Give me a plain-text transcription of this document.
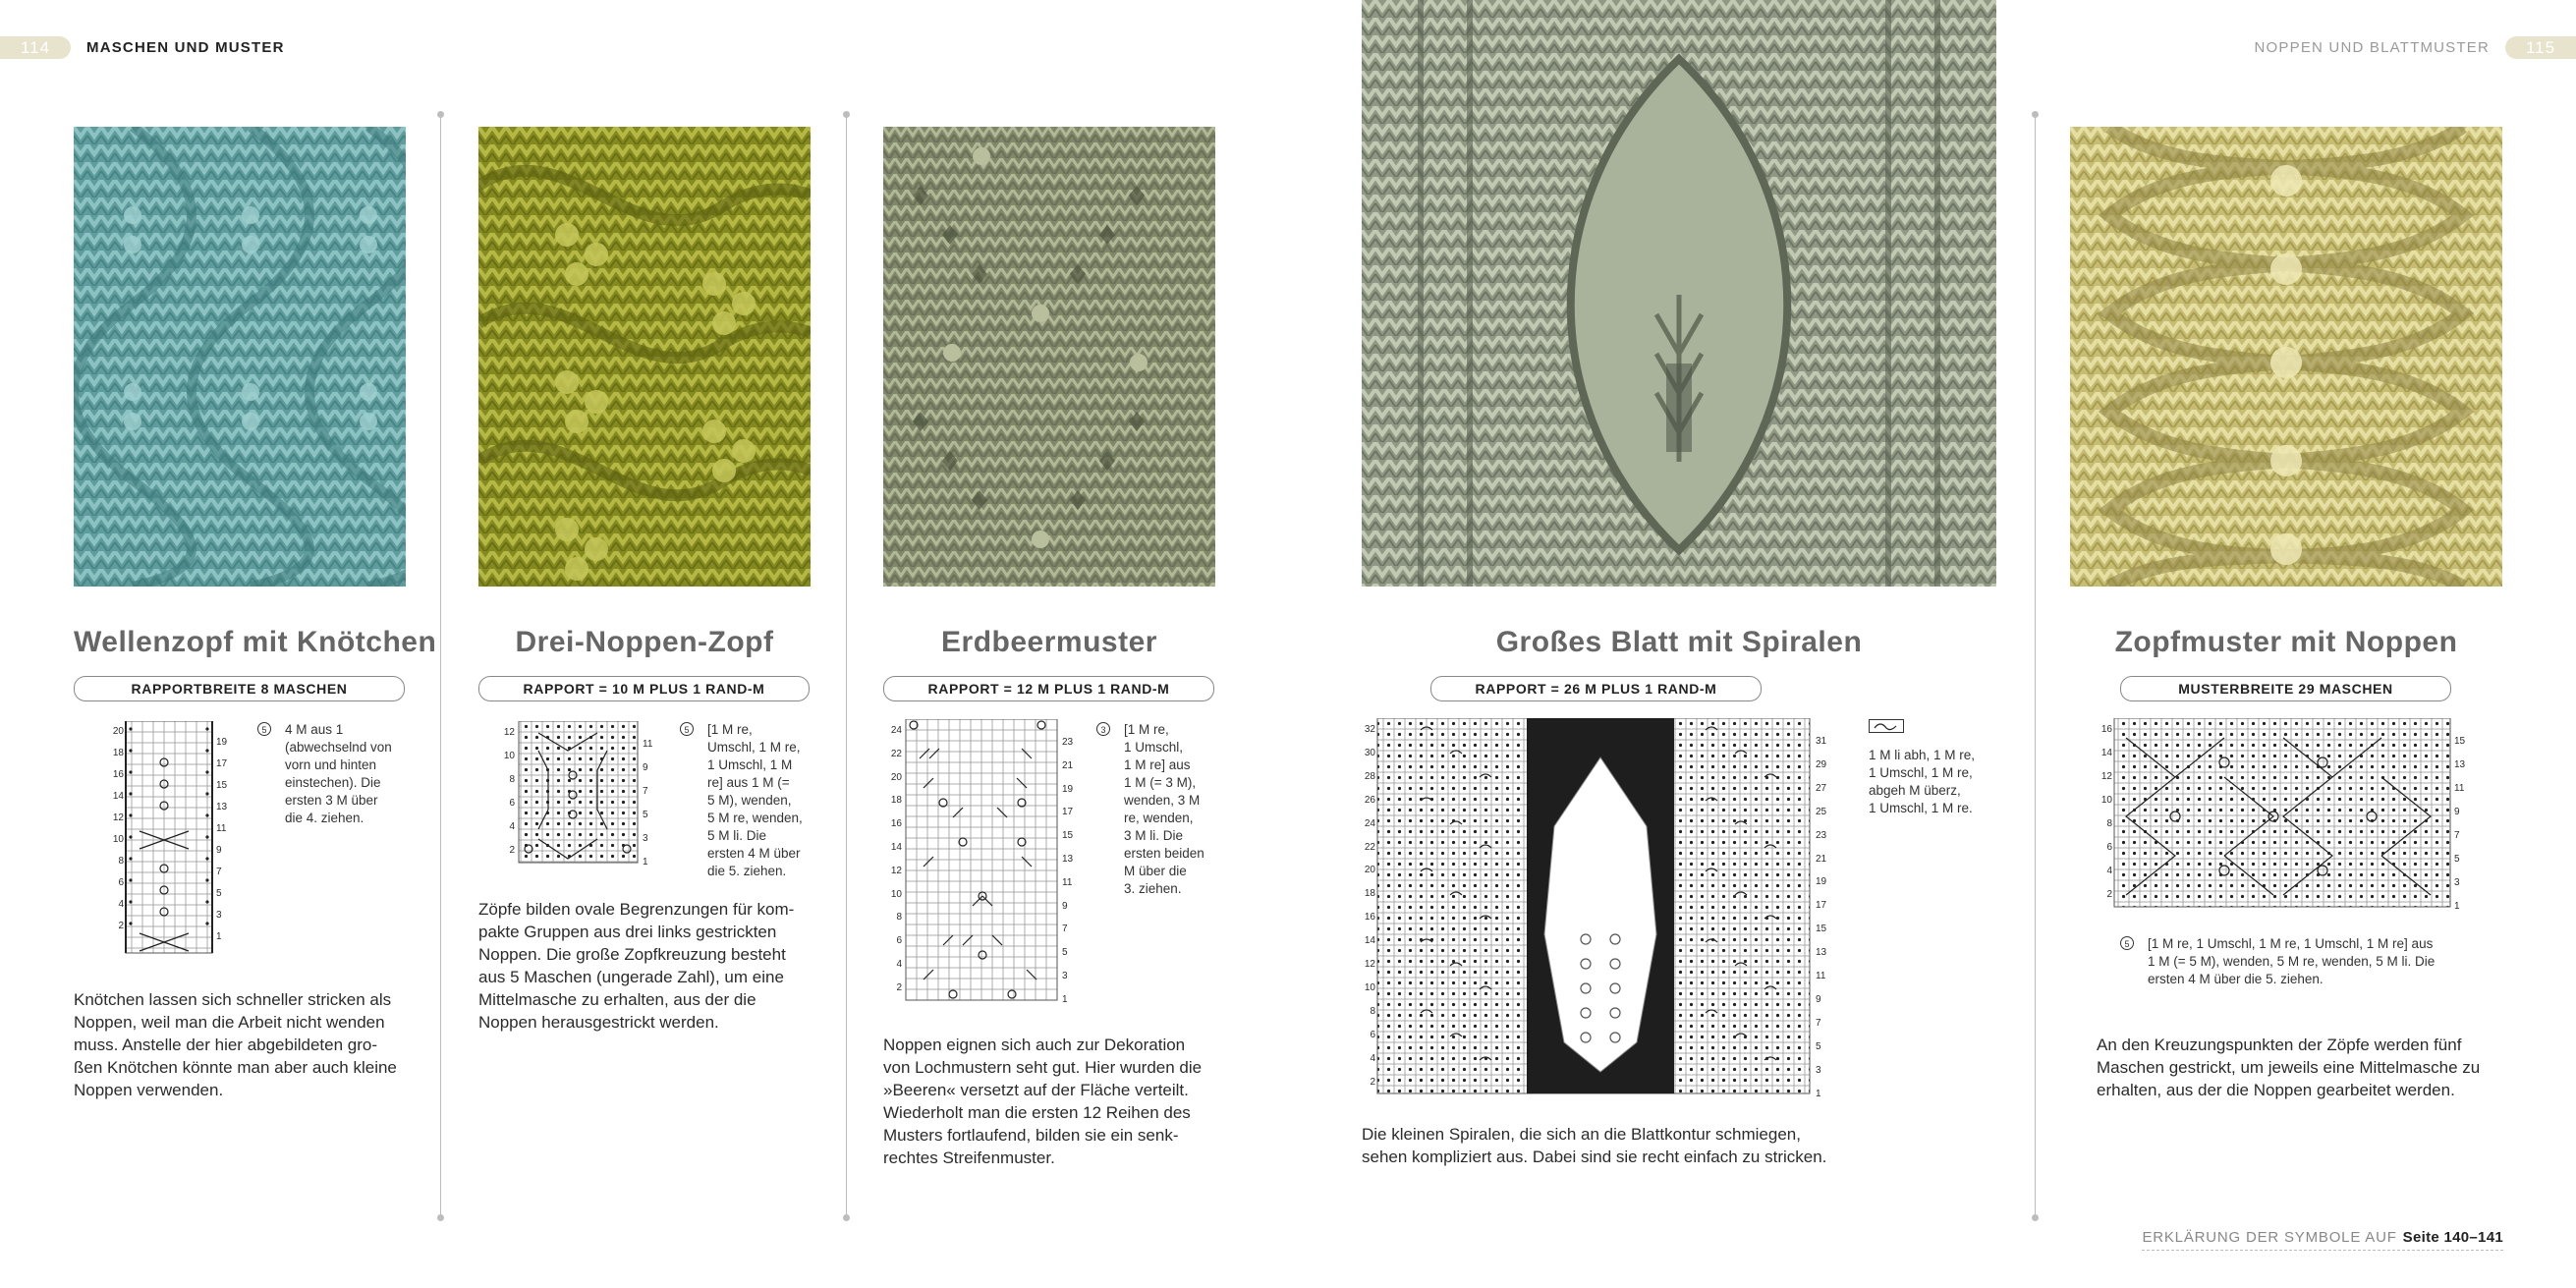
114	MASCHEN UND MUSTER	NOPPEN UND BLATTMUSTER	115
Wellenzopf mit Knötchen
RAPPORTBREITE 8 MASCHEN
20
18
16
14
12
10
8
6
4
2
19
17
15
13
11
9
7
5
3
1
5	4 M aus 1
(abwechselnd von
vorn und hinten
einstechen). Die
ersten 3 M über
die 4. ziehen.
Knötchen lassen sich schneller stricken als
Noppen, weil man die Arbeit nicht wenden
muss. Anstelle der hier abgebildeten gro-
ßen Knötchen könnte man aber auch kleine
Noppen verwenden.
Drei-Noppen-Zopf
RAPPORT = 10 M PLUS 1 RAND-M
12
10
8
6
4
2
11
9
7
5
3
1
5	[1 M re,
Umschl, 1 M re,
1 Umschl, 1 M
re] aus 1 M (=
5 M), wenden,
5 M re, wenden,
5 M li. Die
ersten 4 M über
die 5. ziehen.
Zöpfe bilden ovale Begrenzungen für kom-
pakte Gruppen aus drei links gestrickten
Noppen. Die große Zopfkreuzung besteht
aus 5 Maschen (ungerade Zahl), um eine
Mittelmasche zu erhalten, aus der die
Noppen herausgestrickt werden.
Erdbeermuster
RAPPORT = 12 M PLUS 1 RAND-M
24
22
20
18
16
14
12
10
8
6
4
2
23
21
19
17
15
13
11
9
7
5
3
1
3	[1 M re,
1 Umschl,
1 M re] aus
1 M (= 3 M),
wenden, 3 M
re, wenden,
3 M li. Die
ersten beiden
M über die
3. ziehen.
Noppen eignen sich auch zur Dekoration
von Lochmustern seht gut. Hier wurden die
»Beeren« versetzt auf der Fläche verteilt.
Wiederholt man die ersten 12 Reihen des
Musters fortlaufend, bilden sie ein senk-
rechtes Streifenmuster.
Großes Blatt mit Spiralen
RAPPORT = 26 M PLUS 1 RAND-M
32
30
28
26
24
22
20
18
16
14
12
10
8
6
4
2
31
29
27
25
23
21
19
17
15
13
11
9
7
5
3
1
1 M li abh, 1 M re,
1 Umschl, 1 M re,
abgeh M überz,
1 Umschl, 1 M re.
Die kleinen Spiralen, die sich an die Blattkontur schmiegen,
sehen kompliziert aus. Dabei sind sie recht einfach zu stricken.
Zopfmuster mit Noppen
MUSTERBREITE 29 MASCHEN
16
14
12
10
8
6
4
2
15
13
11
9
7
5
3
1
5	[1 M re, 1 Umschl, 1 M re, 1 Umschl, 1 M re] aus
1 M (= 5 M), wenden, 5 M re, wenden, 5 M li. Die
ersten 4 M über die 5. ziehen.
An den Kreuzungspunkten der Zöpfe werden fünf
Maschen gestrickt, um jeweils eine Mittelmasche zu
erhalten, aus der die Noppen gearbeitet werden.
ERKLÄRUNG DER SYMBOLE AUF Seite 140–141
